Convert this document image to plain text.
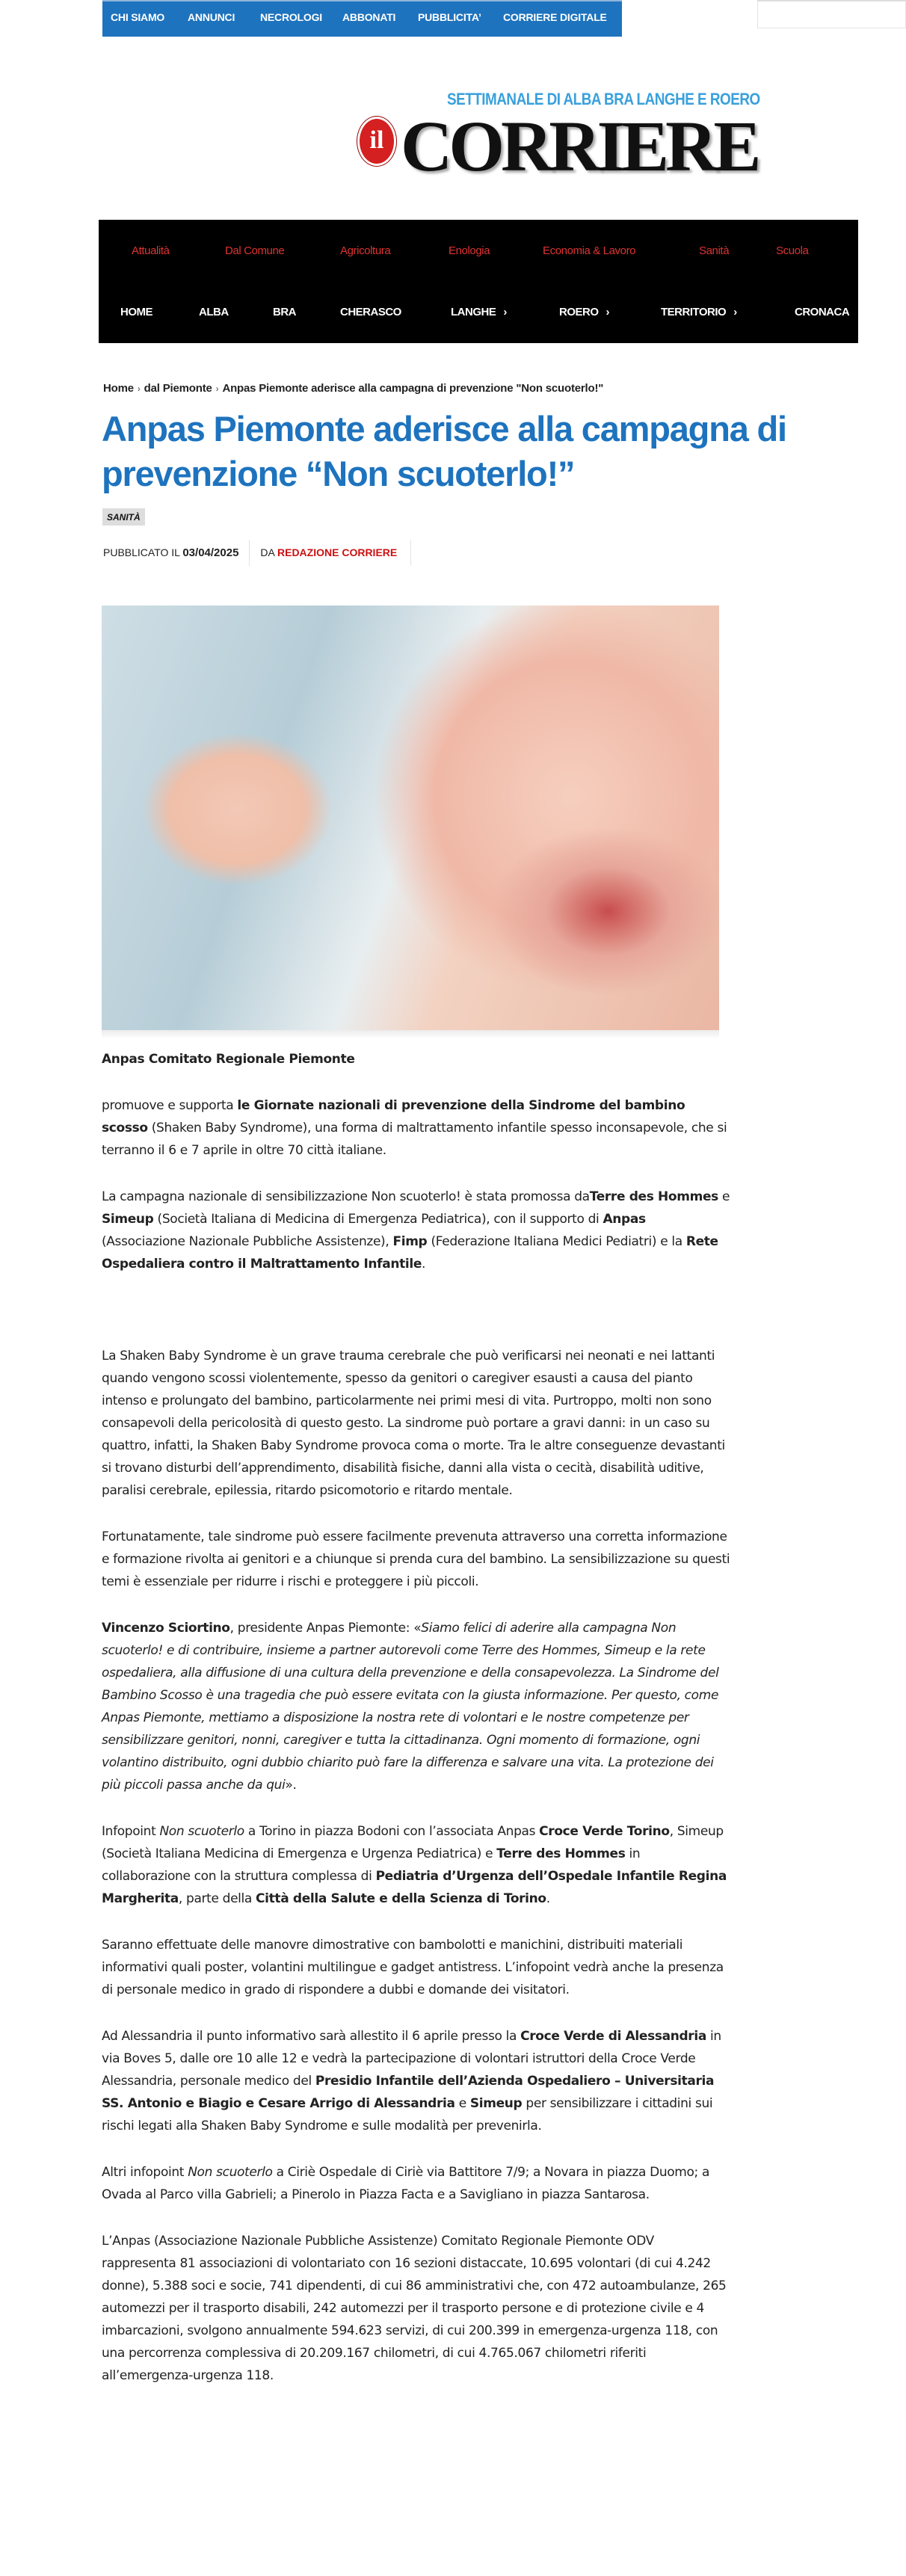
CHI SIAMO ANNUNCI NECROLOGI ABBONATI PUBBLICITA’ CORRIERE DIGITALE
SETTIMANALE DI ALBA BRA LANGHE E ROERO
il CORRIERE
Attualità	Dal Comune	Agricoltura	Enologia	Economia & Lavoro	Sanità	Scuola
HOME	ALBA	BRA	CHERASCO	LANGHE ›	ROERO ›	TERRITORIO ›	CRONACA
Home › dal Piemonte › Anpas Piemonte aderisce alla campagna di prevenzione "Non scuoterlo!"
Anpas Piemonte aderisce alla campagna di prevenzione “Non scuoterlo!”
SANITÀ
PUBBLICATO IL 03/04/2025 DA REDAZIONE CORRIERE

Anpas Comitato Regionale Piemonte

promuove e supporta le Giornate nazionali di prevenzione della Sindrome del bambino scosso (Shaken Baby Syndrome), una forma di maltrattamento infantile spesso inconsapevole, che si terranno il 6 e 7 aprile in oltre 70 città italiane.

La campagna nazionale di sensibilizzazione Non scuoterlo! è stata promossa daTerre des Hommes e Simeup (Società Italiana di Medicina di Emergenza Pediatrica), con il supporto di Anpas (Associazione Nazionale Pubbliche Assistenze), Fimp (Federazione Italiana Medici Pediatri) e la Rete Ospedaliera contro il Maltrattamento Infantile.

La Shaken Baby Syndrome è un grave trauma cerebrale che può verificarsi nei neonati e nei lattanti quando vengono scossi violentemente, spesso da genitori o caregiver esausti a causa del pianto intenso e prolungato del bambino, particolarmente nei primi mesi di vita. Purtroppo, molti non sono consapevoli della pericolosità di questo gesto. La sindrome può portare a gravi danni: in un caso su quattro, infatti, la Shaken Baby Syndrome provoca coma o morte. Tra le altre conseguenze devastanti si trovano disturbi dell’apprendimento, disabilità fisiche, danni alla vista o cecità, disabilità uditive, paralisi cerebrale, epilessia, ritardo psicomotorio e ritardo mentale.

Fortunatamente, tale sindrome può essere facilmente prevenuta attraverso una corretta informazione e formazione rivolta ai genitori e a chiunque si prenda cura del bambino. La sensibilizzazione su questi temi è essenziale per ridurre i rischi e proteggere i più piccoli.

Vincenzo Sciortino, presidente Anpas Piemonte: «Siamo felici di aderire alla campagna Non scuoterlo! e di contribuire, insieme a partner autorevoli come Terre des Hommes, Simeup e la rete ospedaliera, alla diffusione di una cultura della prevenzione e della consapevolezza. La Sindrome del Bambino Scosso è una tragedia che può essere evitata con la giusta informazione. Per questo, come Anpas Piemonte, mettiamo a disposizione la nostra rete di volontari e le nostre competenze per sensibilizzare genitori, nonni, caregiver e tutta la cittadinanza. Ogni momento di formazione, ogni volantino distribuito, ogni dubbio chiarito può fare la differenza e salvare una vita. La protezione dei più piccoli passa anche da qui».

Infopoint Non scuoterlo a Torino in piazza Bodoni con l’associata Anpas Croce Verde Torino, Simeup (Società Italiana Medicina di Emergenza e Urgenza Pediatrica) e Terre des Hommes in collaborazione con la struttura complessa di Pediatria d’Urgenza dell’Ospedale Infantile Regina Margherita, parte della Città della Salute e della Scienza di Torino.

Saranno effettuate delle manovre dimostrative con bambolotti e manichini, distribuiti materiali informativi quali poster, volantini multilingue e gadget antistress. L’infopoint vedrà anche la presenza di personale medico in grado di rispondere a dubbi e domande dei visitatori.

Ad Alessandria il punto informativo sarà allestito il 6 aprile presso la Croce Verde di Alessandria in via Boves 5, dalle ore 10 alle 12 e vedrà la partecipazione di volontari istruttori della Croce Verde Alessandria, personale medico del Presidio Infantile dell’Azienda Ospedaliero – Universitaria SS. Antonio e Biagio e Cesare Arrigo di Alessandria e Simeup per sensibilizzare i cittadini sui rischi legati alla Shaken Baby Syndrome e sulle modalità per prevenirla.

Altri infopoint Non scuoterlo a Ciriè Ospedale di Ciriè via Battitore 7/9; a Novara in piazza Duomo; a Ovada al Parco villa Gabrieli; a Pinerolo in Piazza Facta e a Savigliano in piazza Santarosa.

L’Anpas (Associazione Nazionale Pubbliche Assistenze) Comitato Regionale Piemonte ODV rappresenta 81 associazioni di volontariato con 16 sezioni distaccate, 10.695 volontari (di cui 4.242 donne), 5.388 soci e socie, 741 dipendenti, di cui 86 amministrativi che, con 472 autoambulanze, 265 automezzi per il trasporto disabili, 242 automezzi per il trasporto persone e di protezione civile e 4 imbarcazioni, svolgono annualmente 594.623 servizi, di cui 200.399 in emergenza-urgenza 118, con una percorrenza complessiva di 20.209.167 chilometri, di cui 4.765.067 chilometri riferiti all’emergenza-urgenza 118.
